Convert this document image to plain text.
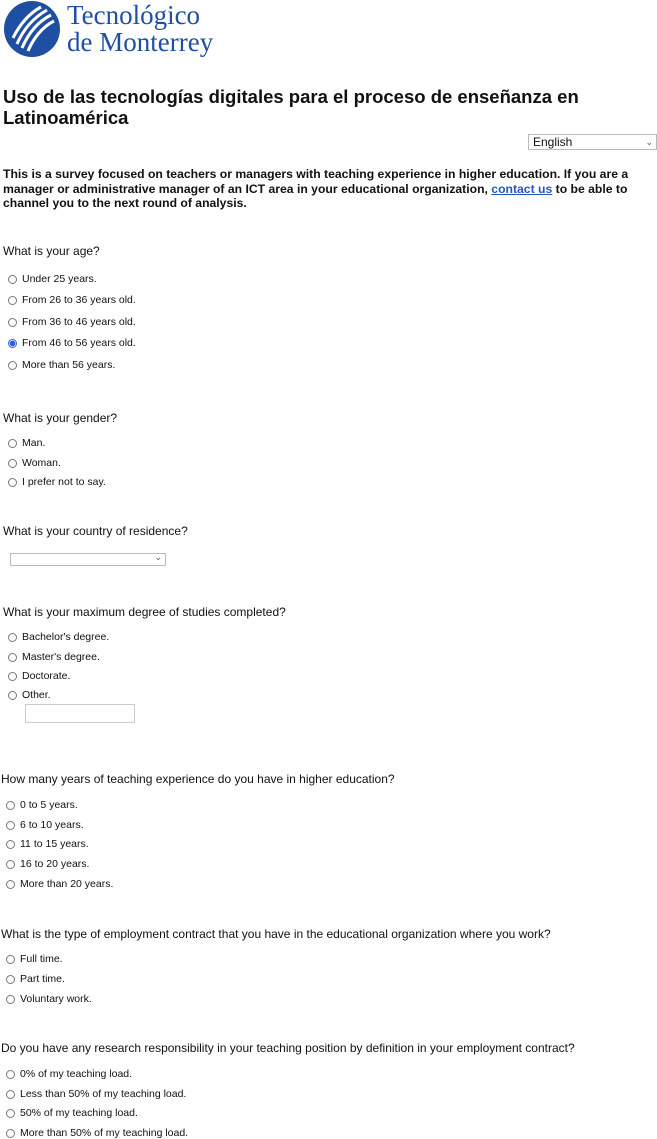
Tecnológico
de Monterrey
Uso de las tecnologías digitales para el proceso de enseñanza en Latinoamérica
English	⌄

This is a survey focused on teachers or managers with teaching experience in higher education. If you are a manager or administrative manager of an ICT area in your educational organization, contact us to be able to channel you to the next round of analysis.

What is your age?
Under 25 years.
From 26 to 36 years old.
From 36 to 46 years old.
From 46 to 56 years old.
More than 56 years.
What is your gender?
Man.
Woman.
I prefer not to say.
What is your country of residence?
⌄
What is your maximum degree of studies completed?
Bachelor's degree.
Master's degree.
Doctorate.
Other.
How many years of teaching experience do you have in higher education?
0 to 5 years.
6 to 10 years.
11 to 15 years.
16 to 20 years.
More than 20 years.
What is the type of employment contract that you have in the educational organization where you work?
Full time.
Part time.
Voluntary work.
Do you have any research responsibility in your teaching position by definition in your employment contract?
0% of my teaching load.
Less than 50% of my teaching load.
50% of my teaching load.
More than 50% of my teaching load.
